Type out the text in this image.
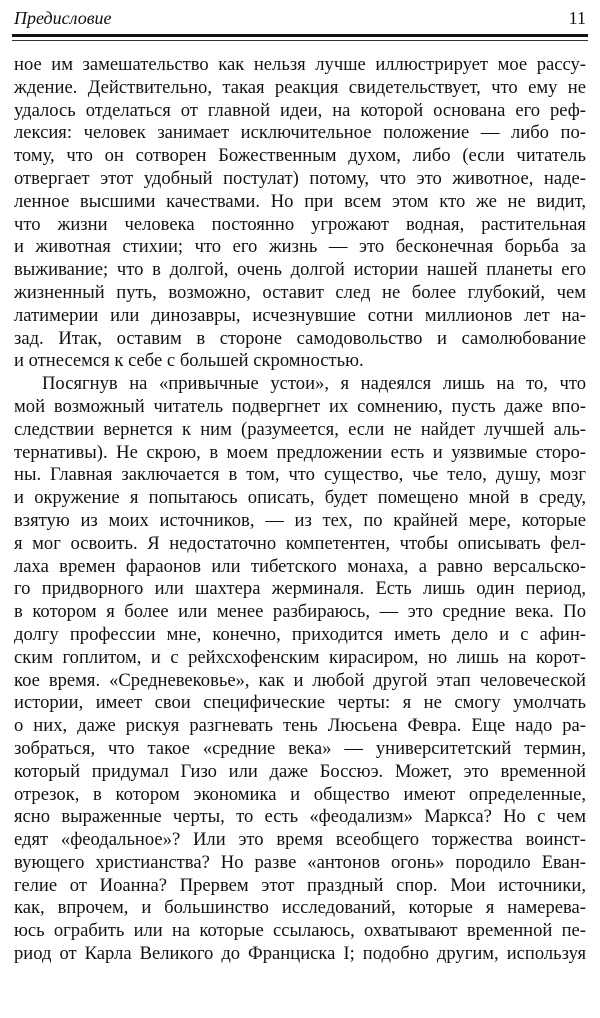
Предисловие	11
ное им замешательство как нельзя лучше иллюстрирует мое рассу-
ждение. Действительно, такая реакция свидетельствует, что ему не
удалось отделаться от главной идеи, на которой основана его реф-
лексия: человек занимает исключительное положение — либо по-
тому, что он сотворен Божественным духом, либо (если читатель
отвергает этот удобный постулат) потому, что это животное, наде-
ленное высшими качествами. Но при всем этом кто же не видит,
что жизни человека постоянно угрожают водная, растительная
и животная стихии; что его жизнь — это бесконечная борьба за
выживание; что в долгой, очень долгой истории нашей планеты его
жизненный путь, возможно, оставит след не более глубокий, чем
латимерии или динозавры, исчезнувшие сотни миллионов лет на-
зад. Итак, оставим в стороне самодовольство и самолюбование
и отнесемся к себе с большей скромностью.
Посягнув на «привычные устои», я надеялся лишь на то, что
мой возможный читатель подвергнет их сомнению, пусть даже впо-
следствии вернется к ним (разумеется, если не найдет лучшей аль-
тернативы). Не скрою, в моем предложении есть и уязвимые сторо-
ны. Главная заключается в том, что существо, чье тело, душу, мозг
и окружение я попытаюсь описать, будет помещено мной в среду,
взятую из моих источников, — из тех, по крайней мере, которые
я мог освоить. Я недостаточно компетентен, чтобы описывать фел-
лаха времен фараонов или тибетского монаха, а равно версальско-
го придворного или шахтера жерминаля. Есть лишь один период,
в котором я более или менее разбираюсь, — это средние века. По
долгу профессии мне, конечно, приходится иметь дело и с афин-
ским гоплитом, и с рейхсхофенским кирасиром, но лишь на корот-
кое время. «Средневековье», как и любой другой этап человеческой
истории, имеет свои специфические черты: я не смогу умолчать
о них, даже рискуя разгневать тень Люсьена Февра. Еще надо ра-
зобраться, что такое «средние века» — университетский термин,
который придумал Гизо или даже Боссюэ. Может, это временной
отрезок, в котором экономика и общество имеют определенные,
ясно выраженные черты, то есть «феодализм» Маркса? Но с чем
едят «феодальное»? Или это время всеобщего торжества воинст-
вующего христианства? Но разве «антонов огонь» породило Еван-
гелие от Иоанна? Прервем этот праздный спор. Мои источники,
как, впрочем, и большинство исследований, которые я намерева-
юсь ограбить или на которые ссылаюсь, охватывают временной пе-
риод от Карла Великого до Франциска I; подобно другим, используя
